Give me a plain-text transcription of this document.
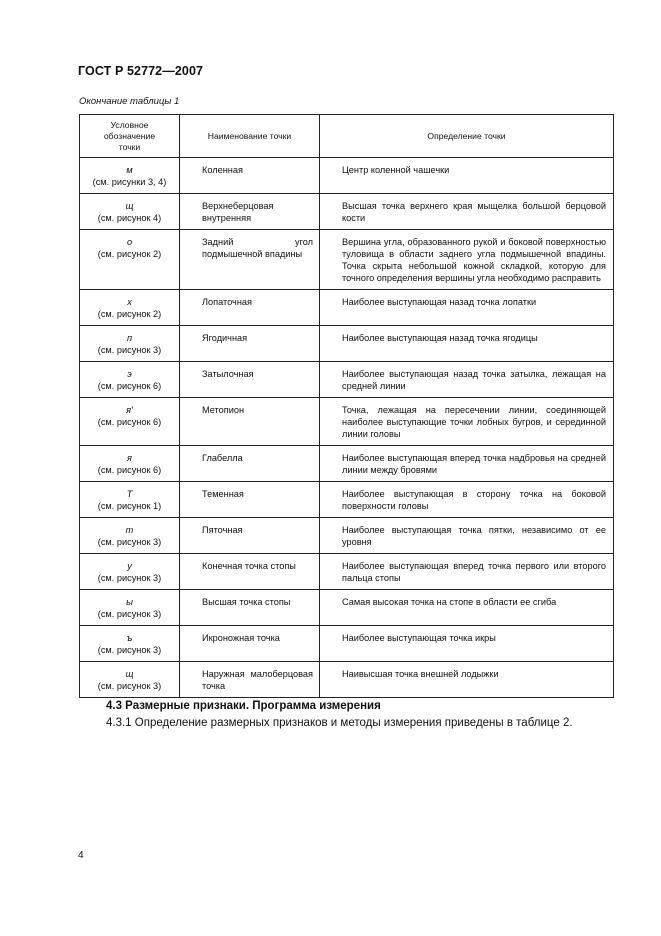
ГОСТ Р 52772—2007
Окончание таблицы 1
Условное обозначение точки	Наименование точки	Определение точки

м
(см. рисунки 3, 4)	Коленная	Центр коленной чашечки

щ
(см. рисунок 4)	Верхнеберцовая внутренняя	Высшая точка верхнего края мыщелка большой берцовой кости

о
(см. рисунок 2)	Задний угол подмышечной впадины	Вершина угла, образованного рукой и боковой поверхностью туловища в области заднего угла подмышечной впадины. Точка скрыта небольшой кожной складкой, которую для точного определения вершины угла необходимо расправить

х
(см. рисунок 2)	Лопаточная	Наиболее выступающая назад точка лопатки

п
(см. рисунок 3)	Ягодичная	Наиболее выступающая назад точка ягодицы

э
(см. рисунок 6)	Затылочная	Наиболее выступающая назад точка затылка, лежащая на средней линии

я′
(см. рисунок 6)	Метопион	Точка, лежащая на пересечении линии, соединяющей наиболее выступающие точки лобных бугров, и серединной линии головы

я
(см. рисунок 6)	Глабелла	Наиболее выступающая вперед точка надбровья на средней линии между бровями

Т
(см. рисунок 1)	Теменная	Наиболее выступающая в сторону точка на боковой поверхности головы

т
(см. рисунок 3)	Пяточная	Наиболее выступающая точка пятки, независимо от ее уровня

у
(см. рисунок 3)	Конечная точка стопы	Наиболее выступающая вперед точка первого или второго пальца стопы

ы
(см. рисунок 3)	Высшая точка стопы	Самая высокая точка на стопе в области ее сгиба

ъ
(см. рисунок 3)	Икроножная точка	Наиболее выступающая точка икры

щ
(см. рисунок 3)	Наружная малоберцовая точка	Наивысшая точка внешней лодыжки
4.3 Размерные признаки. Программа измерения
4.3.1 Определение размерных признаков и методы измерения приведены в таблице 2.
4
